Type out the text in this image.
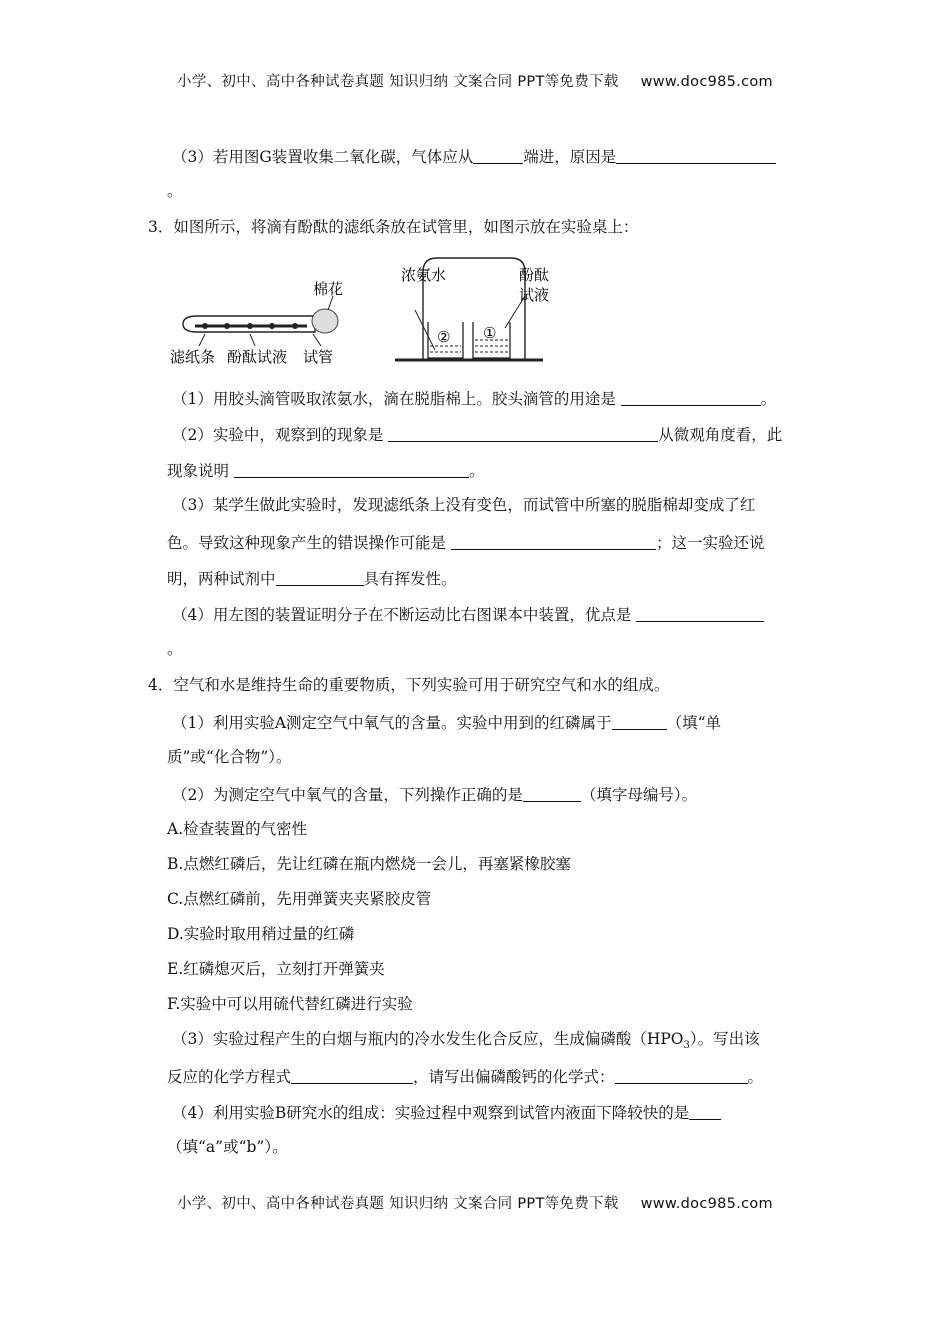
小学、初中、高中各种试卷真题 知识归纳 文案合同 PPT等免费下载 www.doc985.com
（3）若用图G装置收集二氧化碳，气体应从	端进，原因是
。
3．如图所示，将滴有酚酞的滤纸条放在试管里，如图示放在实验桌上：
棉花
滤纸条 酚酞试液 试管
② ①
浓氨水	酚酞
试液
（1）用胶头滴管吸取浓氨水，滴在脱脂棉上。胶头滴管的用途是	。
（2）实验中，观察到的现象是	从微观角度看，此
现象说明	。
（3）某学生做此实验时，发现滤纸条上没有变色，而试管中所塞的脱脂棉却变成了红
色。导致这种现象产生的错误操作可能是	；这一实验还说
明，两种试剂中	具有挥发性。
（4）用左图的装置证明分子在不断运动比右图课本中装置，优点是
。
4．空气和水是维持生命的重要物质，下列实验可用于研究空气和水的组成。
（1）利用实验A测定空气中氧气的含量。实验中用到的红磷属于	（填“单
质”或“化合物”）。
（2）为测定空气中氧气的含量，下列操作正确的是	（填字母编号）。
A.检查装置的气密性
B.点燃红磷后，先让红磷在瓶内燃烧一会儿，再塞紧橡胶塞
C.点燃红磷前，先用弹簧夹夹紧胶皮管
D.实验时取用稍过量的红磷
E.红磷熄灭后，立刻打开弹簧夹
F.实验中可以用硫代替红磷进行实验
（3）实验过程产生的白烟与瓶内的冷水发生化合反应，生成偏磷酸$(HPO_3)$。写出该
反应的化学方程式	，请写出偏磷酸钙的化学式：	。
（4）利用实验B研究水的组成：实验过程中观察到试管内液面下降较快的是
（填“a”或“b”）。
小学、初中、高中各种试卷真题 知识归纳 文案合同 PPT等免费下载 www.doc985.com
